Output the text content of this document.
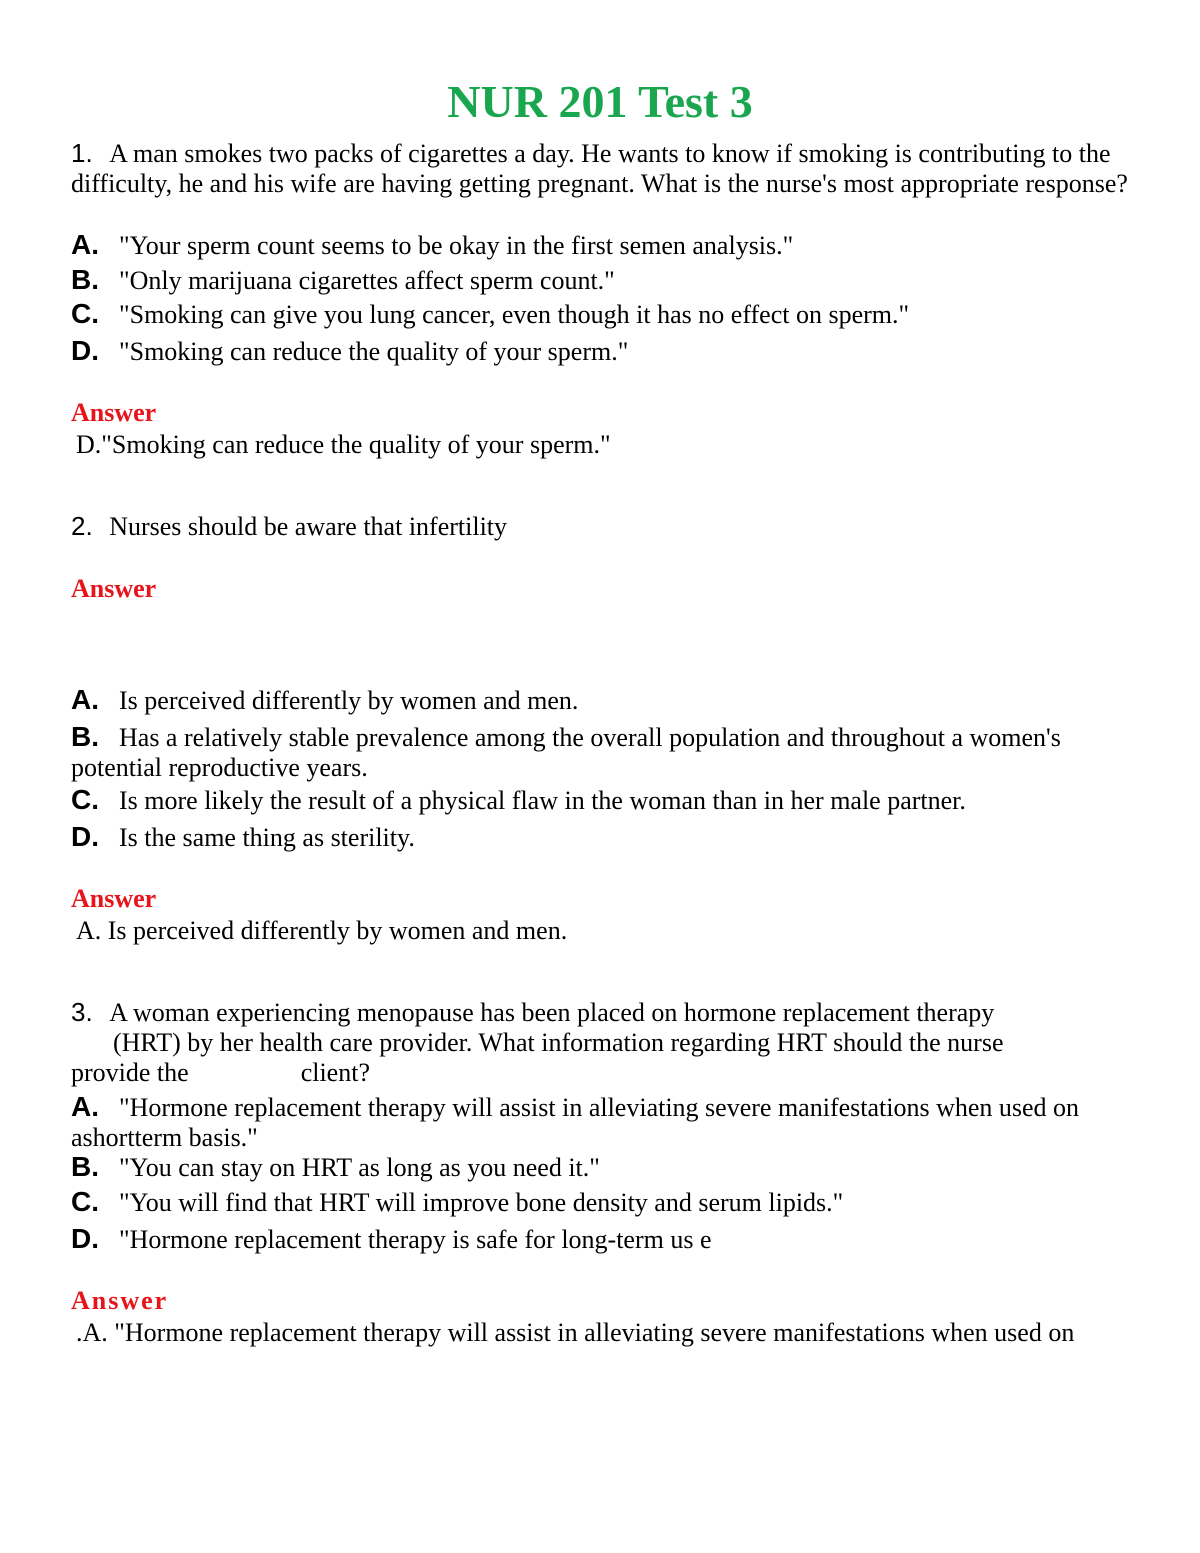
NUR 201 Test 3
1. A man smokes two packs of cigarettes a day. He wants to know if smoking is contributing to the difficulty, he and his wife are having getting pregnant. What is the nurse's most appropriate response?
A. "Your sperm count seems to be okay in the first semen analysis."
B. "Only marijuana cigarettes affect sperm count."
C. "Smoking can give you lung cancer, even though it has no effect on sperm."
D. "Smoking can reduce the quality of your sperm."
Answer
D."Smoking can reduce the quality of your sperm."
2. Nurses should be aware that infertility
Answer
A. Is perceived differently by women and men.
B. Has a relatively stable prevalence among the overall population and throughout a women's potential reproductive years.
C. Is more likely the result of a physical flaw in the woman than in her male partner.
D. Is the same thing as sterility.
Answer
A. Is perceived differently by women and men.
3. A woman experiencing menopause has been placed on hormone replacement therapy
(HRT) by her health care provider. What information regarding HRT should the nurse
provide the	client?
A. "Hormone replacement therapy will assist in alleviating severe manifestations when used on ashortterm basis."
B. "You can stay on HRT as long as you need it."
C. "You will find that HRT will improve bone density and serum lipids."
D. "Hormone replacement therapy is safe for long-term us e
Answer
.A. "Hormone replacement therapy will assist in alleviating severe manifestations when used on
